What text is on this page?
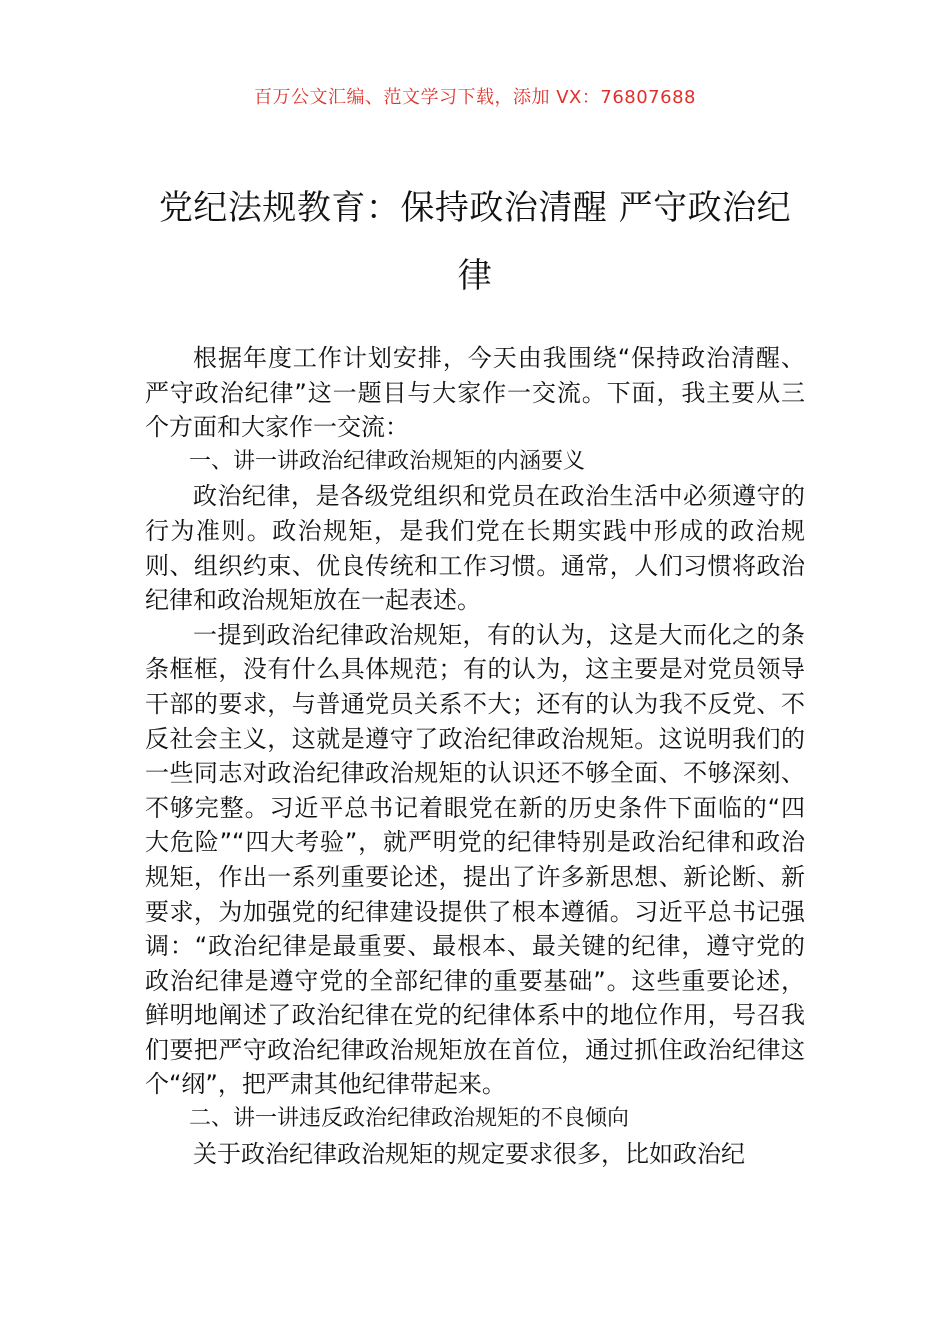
百万公文汇编、范文学习下载，添加 VX：76807688
党纪法规教育：保持政治清醒 严守政治纪律

根据年度工作计划安排，今天由我围绕“保持政治清醒、严守政治纪律”这一题目与大家作一交流。下面，我主要从三个方面和大家作一交流：

一、讲一讲政治纪律政治规矩的内涵要义

政治纪律，是各级党组织和党员在政治生活中必须遵守的行为准则。政治规矩，是我们党在长期实践中形成的政治规则、组织约束、优良传统和工作习惯。通常，人们习惯将政治纪律和政治规矩放在一起表述。

一提到政治纪律政治规矩，有的认为，这是大而化之的条条框框，没有什么具体规范；有的认为，这主要是对党员领导干部的要求，与普通党员关系不大；还有的认为我不反党、不反社会主义，这就是遵守了政治纪律政治规矩。这说明我们的一些同志对政治纪律政治规矩的认识还不够全面、不够深刻、不够完整。习近平总书记着眼党在新的历史条件下面临的“四大危险”“四大考验”，就严明党的纪律特别是政治纪律和政治规矩，作出一系列重要论述，提出了许多新思想、新论断、新要求，为加强党的纪律建设提供了根本遵循。习近平总书记强调：“政治纪律是最重要、最根本、最关键的纪律，遵守党的政治纪律是遵守党的全部纪律的重要基础”。这些重要论述，鲜明地阐述了政治纪律在党的纪律体系中的地位作用，号召我们要把严守政治纪律政治规矩放在首位，通过抓住政治纪律这个“纲”，把严肃其他纪律带起来。

二、讲一讲违反政治纪律政治规矩的不良倾向

关于政治纪律政治规矩的规定要求很多，比如政治纪
